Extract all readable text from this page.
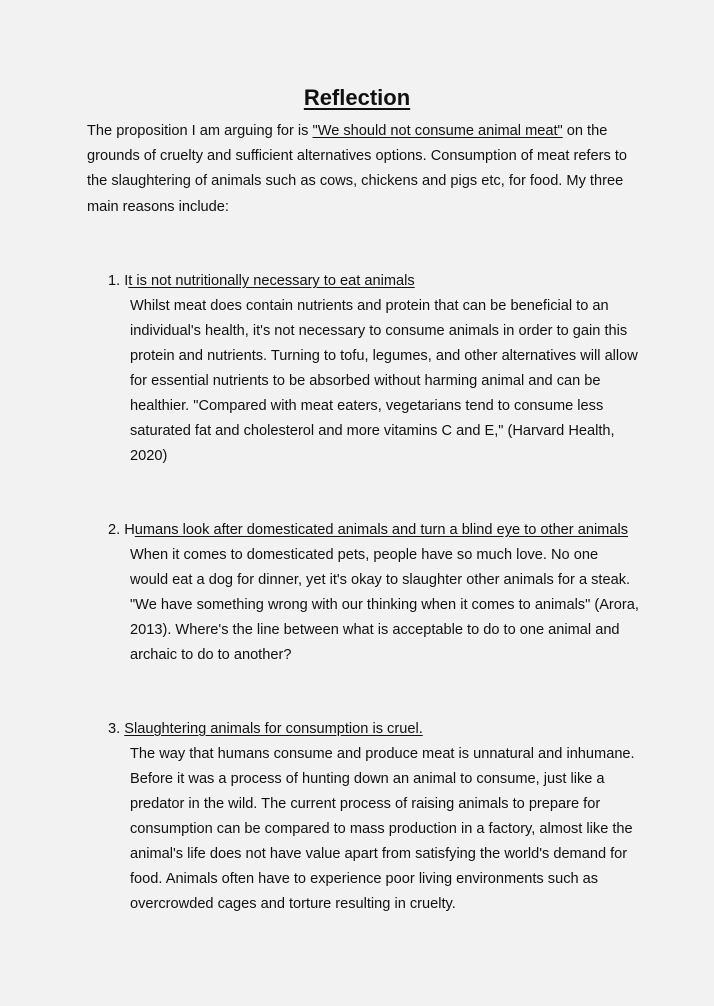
Reflection

The proposition I am arguing for is "We should not consume animal meat" on the grounds of cruelty and sufficient alternatives options. Consumption of meat refers to the slaughtering of animals such as cows, chickens and pigs etc, for food. My three main reasons include:

1. It is not nutritionally necessary to eat animals

Whilst meat does contain nutrients and protein that can be beneficial to an individual's health, it's not necessary to consume animals in order to gain this protein and nutrients. Turning to tofu, legumes, and other alternatives will allow for essential nutrients to be absorbed without harming animal and can be healthier. "Compared with meat eaters, vegetarians tend to consume less saturated fat and cholesterol and more vitamins C and E," (Harvard Health, 2020)

2. Humans look after domesticated animals and turn a blind eye to other animals

When it comes to domesticated pets, people have so much love. No one would eat a dog for dinner, yet it's okay to slaughter other animals for a steak. "We have something wrong with our thinking when it comes to animals" (Arora, 2013). Where's the line between what is acceptable to do to one animal and archaic to do to another?

3. Slaughtering animals for consumption is cruel.

The way that humans consume and produce meat is unnatural and inhumane. Before it was a process of hunting down an animal to consume, just like a predator in the wild. The current process of raising animals to prepare for consumption can be compared to mass production in a factory, almost like the animal's life does not have value apart from satisfying the world's demand for food. Animals often have to experience poor living environments such as overcrowded cages and torture resulting in cruelty.
